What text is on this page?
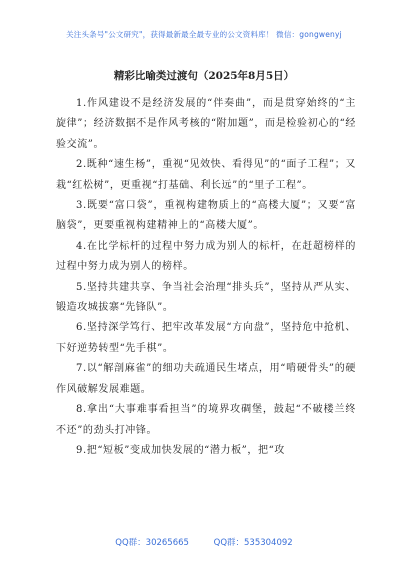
关注头条号"公文研究"，获得最新最全最专业的公文资料库！ 微信：gongwenyj
精彩比喻类过渡句（2025年8月5日）

1.作风建设不是经济发展的“伴奏曲”，而是贯穿始终的“主旋律”；经济数据不是作风考核的“附加题”，而是检验初心的“经验交流”。

2.既种“速生杨”，重视“见效快、看得见”的“面子工程”；又栽“红松树”，更重视“打基础、利长远”的“里子工程”。

3.既要“富口袋”，重视构建物质上的“高楼大厦”；又要“富脑袋”，更要重视构建精神上的“高楼大厦”。

4.在比学标杆的过程中努力成为别人的标杆，在赶超榜样的过程中努力成为别人的榜样。

5.坚持共建共享、争当社会治理“排头兵”，坚持从严从实、锻造攻城拔寨“先锋队”。

6.坚持深学笃行、把牢改革发展“方向盘”，坚持危中抢机、下好逆势转型“先手棋”。

7.以“解剖麻雀”的细功夫疏通民生堵点，用“啃硬骨头”的硬作风破解发展难题。

8.拿出“大事难事看担当”的境界攻碉堡，鼓起“不破楼兰终不还”的劲头打冲锋。

9.把“短板”变成加快发展的“潜力板”，把“攻

QQ群：30265665	QQ群：535304092
